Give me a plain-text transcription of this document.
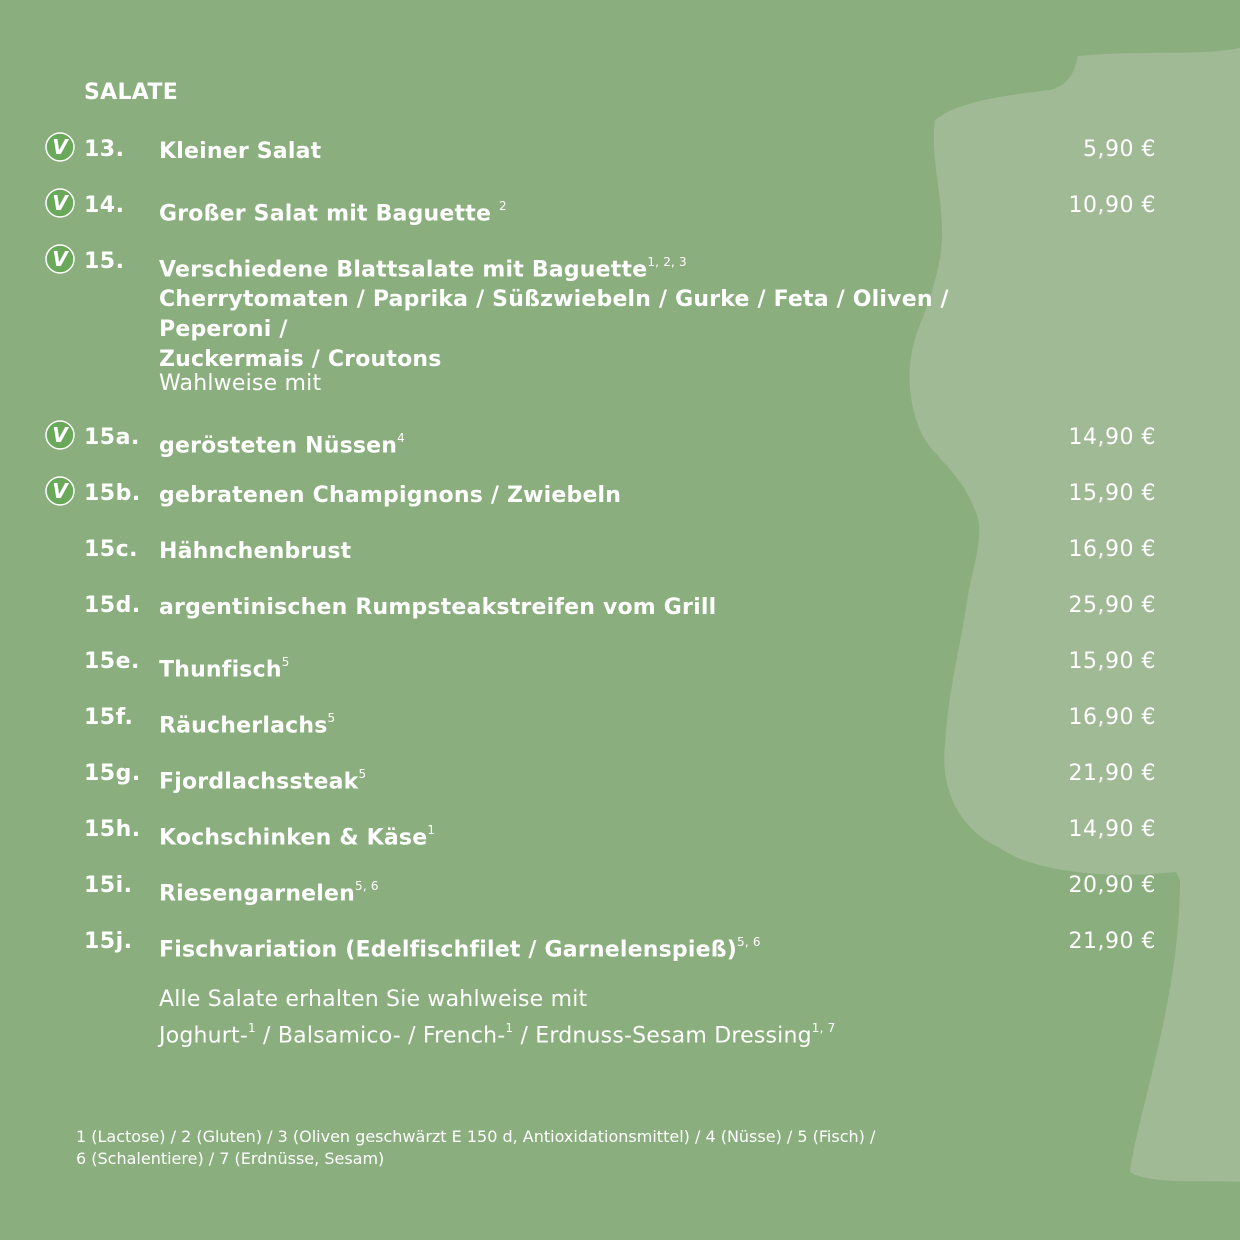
SALATE
V 13. Kleiner Salat	5,90 €
V 14. Großer Salat mit Baguette $^2$	10,90 €
V 15. Verschiedene Blattsalate mit Baguette$^{1, 2, 3}$
Cherrytomaten / Paprika / Süßzwiebeln / Gurke / Feta / Oliven / Peperoni /
Zuckermais / Croutons
Wahlweise mit
V 15a. gerösteten Nüssen$^4$	14,90 €
V 15b. gebratenen Champignons / Zwiebeln	15,90 €
15c. Hähnchenbrust	16,90 €
15d. argentinischen Rumpsteakstreifen vom Grill	25,90 €
15e. Thunfisch$^5$	15,90 €
15f. Räucherlachs$^5$	16,90 €
15g. Fjordlachssteak$^5$	21,90 €
15h. Kochschinken & Käse$^1$	14,90 €
15i. Riesengarnelen$^{5, 6}$	20,90 €
15j. Fischvariation (Edelfischfilet / Garnelenspieß)$^{5, 6}$	21,90 €
Alle Salate erhalten Sie wahlweise mit
Joghurt-$^1$ / Balsamico- / French-$^1$ / Erdnuss-Sesam Dressing$^{1, 7}$
1 (Lactose) / 2 (Gluten) / 3 (Oliven geschwärzt E 150 d, Antioxidationsmittel) / 4 (Nüsse) / 5 (Fisch) /
6 (Schalentiere) / 7 (Erdnüsse, Sesam)
